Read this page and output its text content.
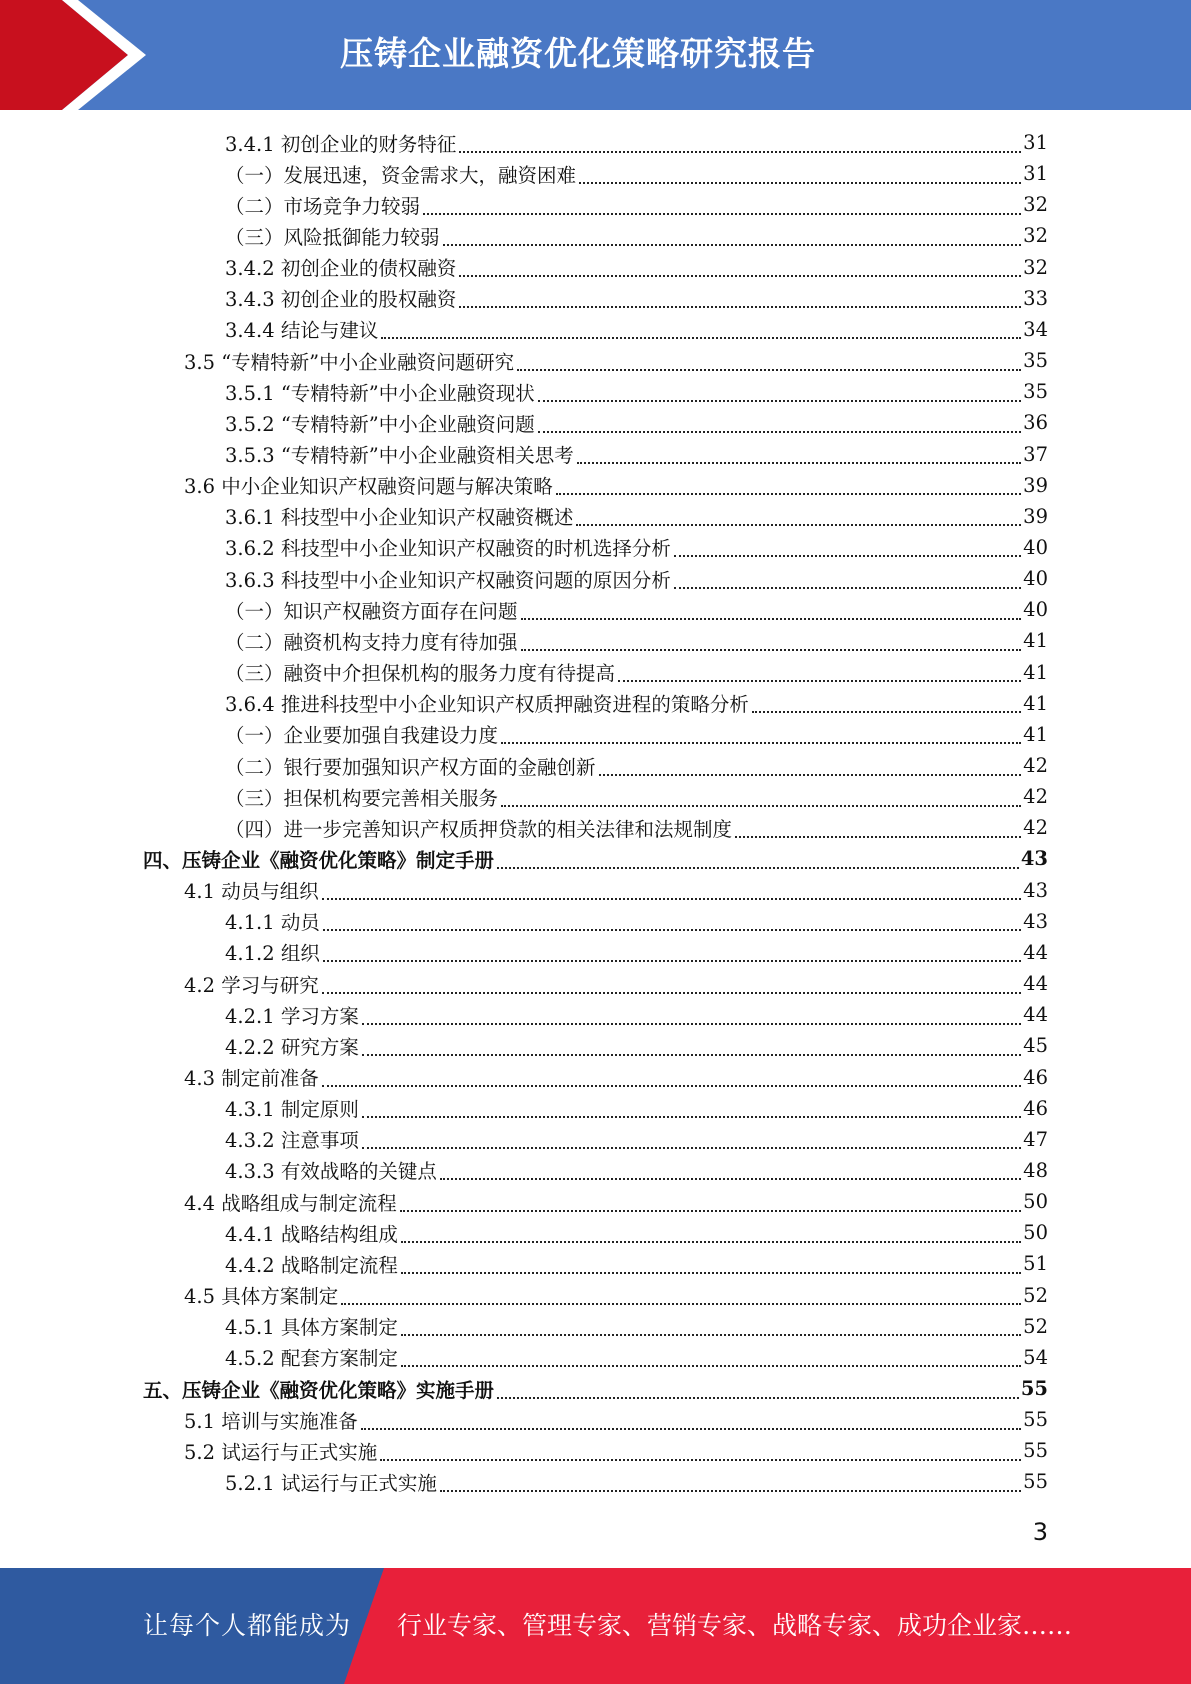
压铸企业融资优化策略研究报告
3.4.1 初创企业的财务特征	31
（一）发展迅速，资金需求大，融资困难	31
（二）市场竞争力较弱	32
（三）风险抵御能力较弱	32
3.4.2 初创企业的债权融资	32
3.4.3 初创企业的股权融资	33
3.4.4 结论与建议	34
3.5 “专精特新”中小企业融资问题研究	35
3.5.1 “专精特新”中小企业融资现状	35
3.5.2 “专精特新”中小企业融资问题	36
3.5.3 “专精特新”中小企业融资相关思考	37
3.6 中小企业知识产权融资问题与解决策略	39
3.6.1 科技型中小企业知识产权融资概述	39
3.6.2 科技型中小企业知识产权融资的时机选择分析	40
3.6.3 科技型中小企业知识产权融资问题的原因分析	40
（一）知识产权融资方面存在问题	40
（二）融资机构支持力度有待加强	41
（三）融资中介担保机构的服务力度有待提高	41
3.6.4 推进科技型中小企业知识产权质押融资进程的策略分析	41
（一）企业要加强自我建设力度	41
（二）银行要加强知识产权方面的金融创新	42
（三）担保机构要完善相关服务	42
（四）进一步完善知识产权质押贷款的相关法律和法规制度	42
四、压铸企业《融资优化策略》制定手册	43
4.1 动员与组织	43
4.1.1 动员	43
4.1.2 组织	44
4.2 学习与研究	44
4.2.1 学习方案	44
4.2.2 研究方案	45
4.3 制定前准备	46
4.3.1 制定原则	46
4.3.2 注意事项	47
4.3.3 有效战略的关键点	48
4.4 战略组成与制定流程	50
4.4.1 战略结构组成	50
4.4.2 战略制定流程	51
4.5 具体方案制定	52
4.5.1 具体方案制定	52
4.5.2 配套方案制定	54
五、压铸企业《融资优化策略》实施手册	55
5.1 培训与实施准备	55
5.2 试运行与正式实施	55
5.2.1 试运行与正式实施	55
3
让每个人都能成为 行业专家、管理专家、营销专家、战略专家、成功企业家……
